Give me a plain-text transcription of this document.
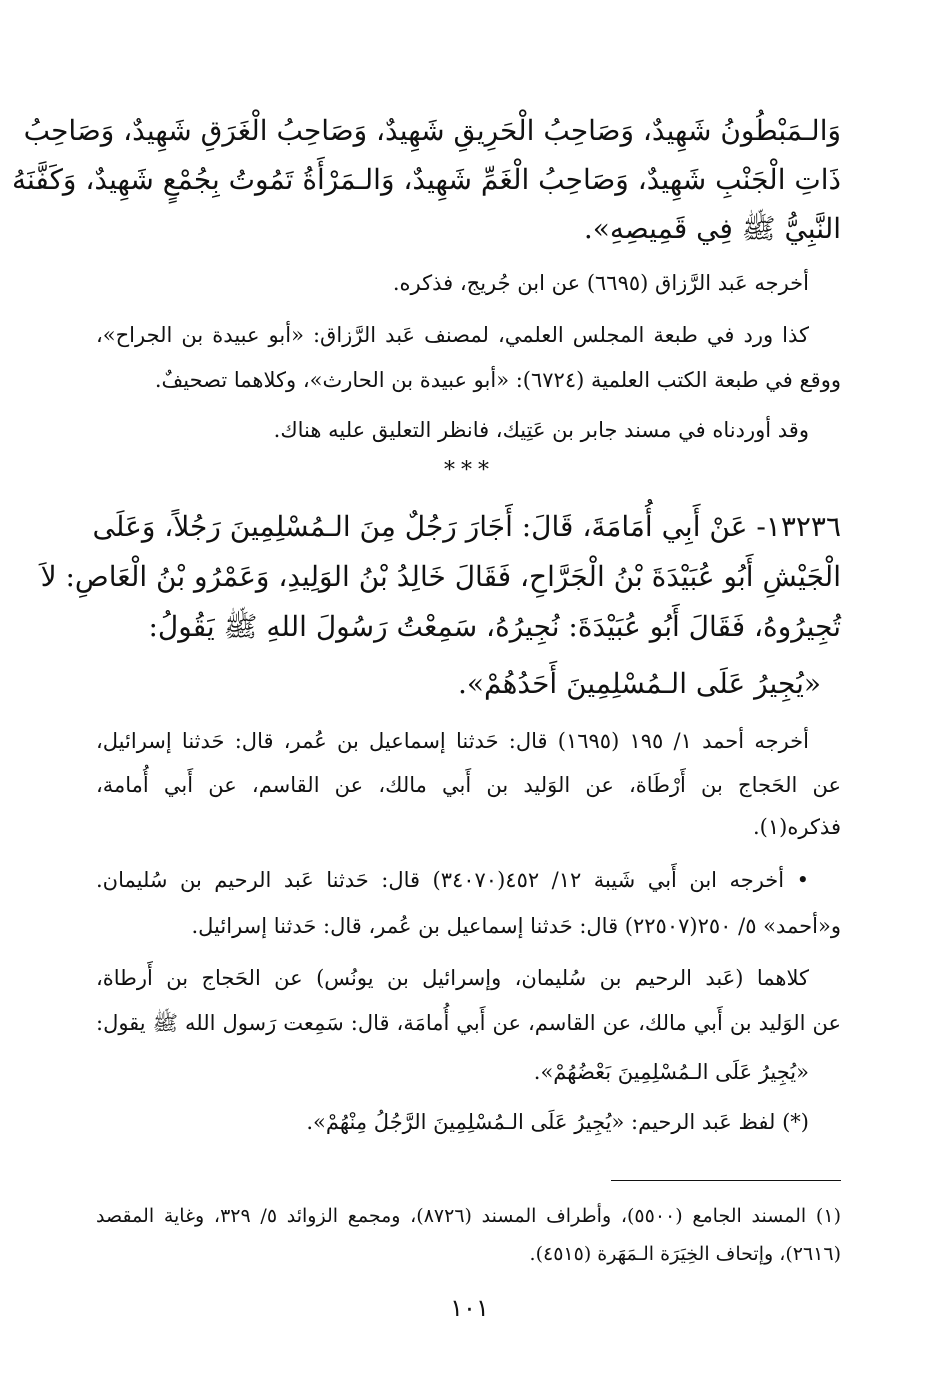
وَالـمَبْطُونُ شَهِيدٌ، وَصَاحِبُ الْحَرِيقِ شَهِيدٌ، وَصَاحِبُ الْغَرَقِ شَهِيدٌ، وَصَاحِبُ
ذَاتِ الْجَنْبِ شَهِيدٌ، وَصَاحِبُ الْغَمِّ شَهِيدٌ، وَالـمَرْأَةُ تَمُوتُ بِجُمْعٍ شَهِيدٌ، وَكَفَّنَهُ
النَّبِيُّ ﷺ فِي قَمِيصِهِ».
أخرجه عَبد الرَّزاق (٦٦٩٥) عن ابن جُريج، فذكره.
كذا ورد في طبعة المجلس العلمي، لمصنف عَبد الرَّزاق: «أبو عبيدة بن الجراح»،
ووقع في طبعة الكتب العلمية (٦٧٢٤): «أبو عبيدة بن الحارث»، وكلاهما تصحيفٌ.
وقد أوردناه في مسند جابر بن عَتِيك، فانظر التعليق عليه هناك.
***
١٣٢٣٦- عَنْ أَبِي أُمَامَةَ، قَالَ: أَجَارَ رَجُلٌ مِنَ الـمُسْلِمِينَ رَجُلاً، وَعَلَى
الْجَيْشِ أَبُو عُبَيْدَةَ بْنُ الْجَرَّاحِ، فَقَالَ خَالِدُ بْنُ الوَلِيدِ، وَعَمْرُو بْنُ الْعَاصِ: لاَ
تُجِيرُوهُ، فَقَالَ أَبُو عُبَيْدَةَ: نُجِيرُهُ، سَمِعْتُ رَسُولَ اللهِ ﷺ يَقُولُ:
«يُجِيرُ عَلَى الـمُسْلِمِينَ أَحَدُهُمْ».
أخرجه أحمد ١/ ١٩٥ (١٦٩٥) قال: حَدثنا إسماعيل بن عُمر، قال: حَدثنا إسرائيل،
عن الحَجاج بن أَرْطَاة، عن الوَليد بن أَبي مالك، عن القاسم، عن أَبي أُمامة،
فذكره(١).
• أخرجه ابن أَبي شَيبة ١٢/ ٤٥٢(٣٤٠٧٠) قال: حَدثنا عَبد الرحيم بن سُليمان.
و«أحمد» ٥/ ٢٥٠(٢٢٥٠٧) قال: حَدثنا إسماعيل بن عُمر، قال: حَدثنا إسرائيل.
كلاهما (عَبد الرحيم بن سُليمان، وإسرائيل بن يونُس) عن الحَجاج بن أَرطاة،
عن الوَليد بن أَبي مالك، عن القاسم، عن أَبي أُمامَة، قال: سَمِعت رَسول الله ﷺ يقول:
«يُجِيرُ عَلَى الـمُسْلِمِينَ بَعْضُهُمْ».
(*) لفظ عَبد الرحيم: «يُجِيرُ عَلَى الـمُسْلِمِينَ الرَّجُلُ مِنْهُمْ».
(١) المسند الجامع (٥٥٠٠)، وأطراف المسند (٨٧٢٦)، ومجمع الزوائد ٥/ ٣٢٩، وغاية المقصد
(٢٦١٦)، وإتحاف الخِيَرَة الـمَهَرة (٤٥١٥).
١٠١
